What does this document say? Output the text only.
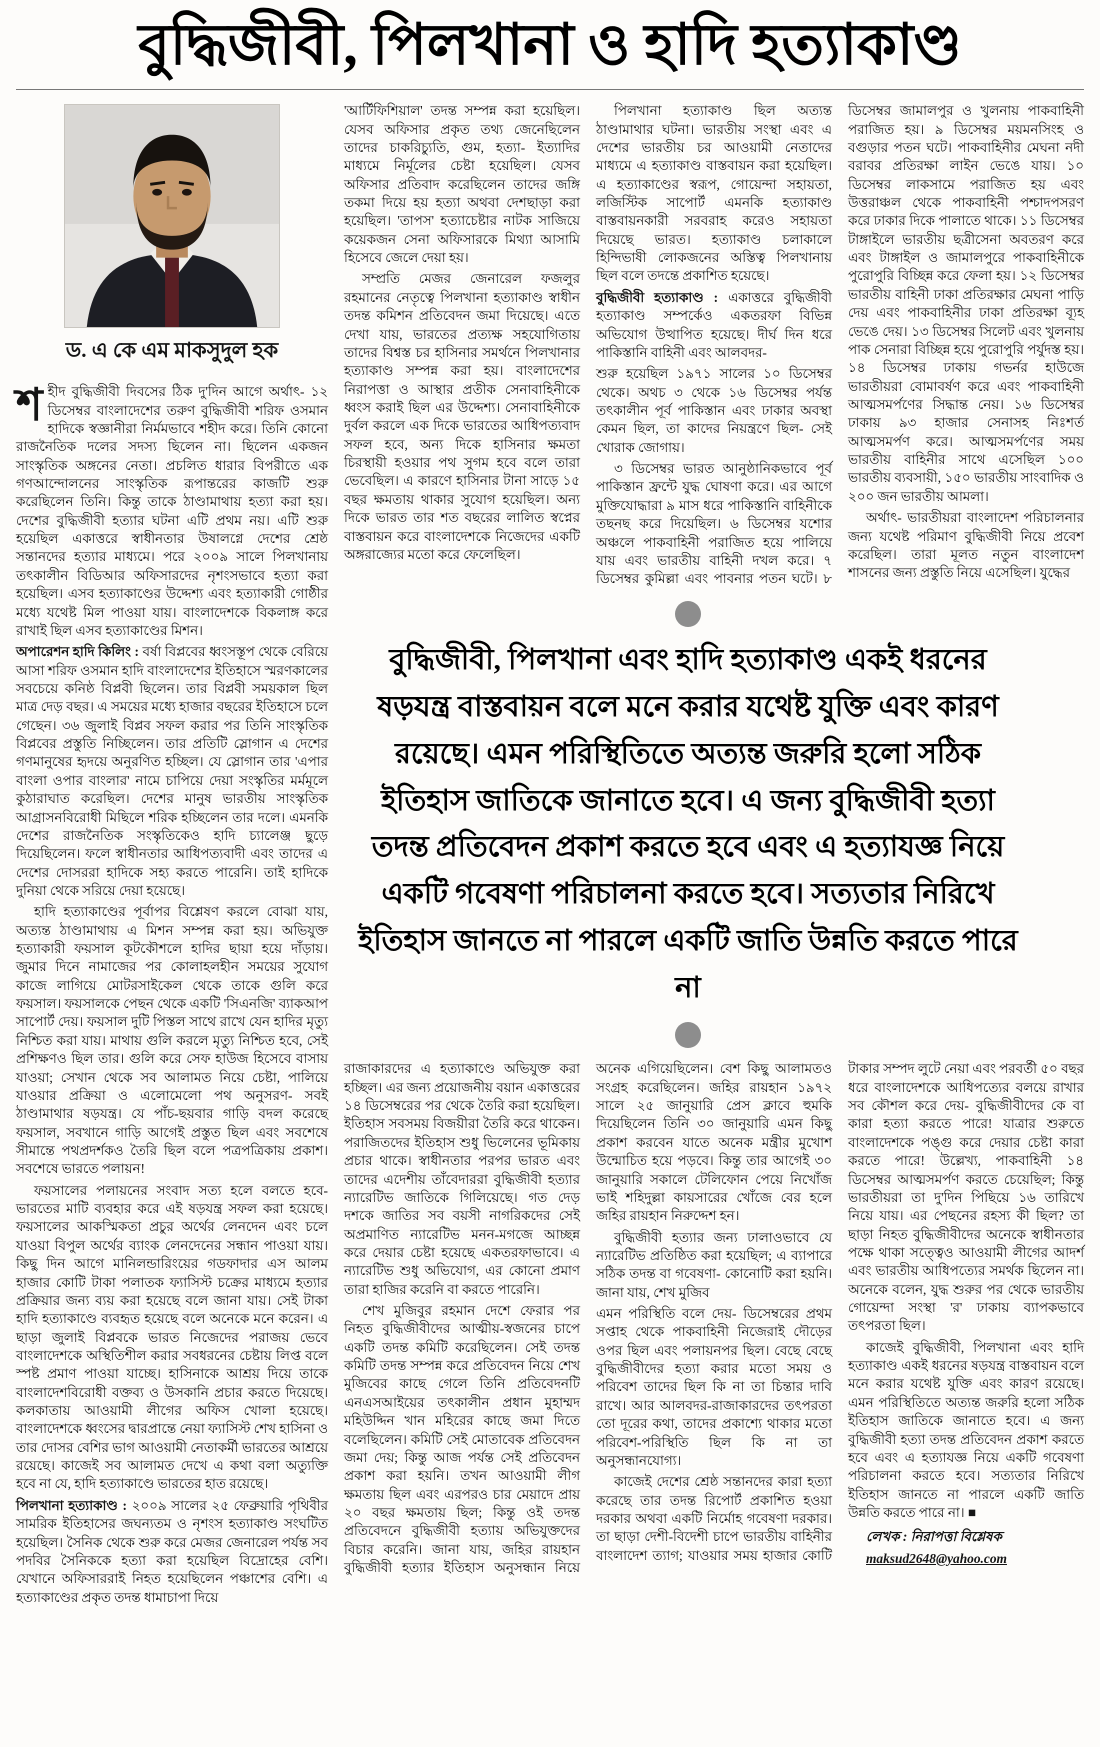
বুদ্ধিজীবী, পিলখানা ও হাদি হত্যাকাণ্ড
ড. এ কে এম মাকসুদুল হক

শহীদ বুদ্ধিজীবী দিবসের ঠিক দু'দিন আগে অর্থাৎ- ১২ ডিসেম্বর বাংলাদেশের তরুণ বুদ্ধিজীবী শরিফ ওসমান হাদিকে স্বজ্ঞানীরা নির্মমভাবে শহীদ করে। তিনি কোনো রাজনৈতিক দলের সদস্য ছিলেন না। ছিলেন একজন সাংস্কৃতিক অঙ্গনের নেতা। প্রচলিত ধারার বিপরীতে এক গণআন্দোলনের সাংস্কৃতিক রূপান্তরের কাজটি শুরু করেছিলেন তিনি। কিন্তু তাকে ঠাণ্ডামাথায় হত্যা করা হয়। দেশের বুদ্ধিজীবী হত্যার ঘটনা এটি প্রথম নয়। এটি শুরু হয়েছিল একাত্তরে স্বাধীনতার উষালগ্নে দেশের শ্রেষ্ঠ সন্তানদের হত্যার মাধ্যমে। পরে ২০০৯ সালে পিলখানায় তৎকালীন বিডিআর অফিসারদের নৃশংসভাবে হত্যা করা হয়েছিল। এসব হত্যাকাণ্ডের উদ্দেশ্য এবং হত্যাকারী গোষ্ঠীর মধ্যে যথেষ্ট মিল পাওয়া যায়। বাংলাদেশকে বিকলাঙ্গ করে রাখাই ছিল এসব হত্যাকাণ্ডের মিশন।

অপারেশন হাদি কিলিং : বর্ষা বিপ্লবের ধ্বংসস্তূপ থেকে বেরিয়ে আসা শরিফ ওসমান হাদি বাংলাদেশের ইতিহাসে স্মরণকালের সবচেয়ে কনিষ্ঠ বিপ্লবী ছিলেন। তার বিপ্লবী সময়কাল ছিল মাত্র দেড় বছর। এ সময়ের মধ্যে হাজার বছরের ইতিহাসে চলে গেছেন। ৩৬ জুলাই বিপ্লব সফল করার পর তিনি সাংস্কৃতিক বিপ্লবের প্রস্তুতি নিচ্ছিলেন। তার প্রতিটি স্লোগান এ দেশের গণমানুষের হৃদয়ে অনুরণিত হচ্ছিল। যে স্লোগান তার 'এপার বাংলা ওপার বাংলার' নামে চাপিয়ে দেয়া সংস্কৃতির মর্মমূলে কুঠারাঘাত করেছিল। দেশের মানুষ ভারতীয় সাংস্কৃতিক আগ্রাসনবিরোধী মিছিলে শরিক হচ্ছিলেন তার দলে। এমনকি দেশের রাজনৈতিক সংস্কৃতিকেও হাদি চ্যালেঞ্জ ছুড়ে দিয়েছিলেন। ফলে স্বাধীনতার আধিপত্যবাদী এবং তাদের এ দেশের দোসররা হাদিকে সহ্য করতে পারেনি। তাই হাদিকে দুনিয়া থেকে সরিয়ে দেয়া হয়েছে।

হাদি হত্যাকাণ্ডের পূর্বাপর বিশ্লেষণ করলে বোঝা যায়, অত্যন্ত ঠাণ্ডামাথায় এ মিশন সম্পন্ন করা হয়। অভিযুক্ত হত্যাকারী ফয়সাল কূটকৌশলে হাদির ছায়া হয়ে দাঁড়ায়। জুমার দিনে নামাজের পর কোলাহলহীন সময়ের সুযোগ কাজে লাগিয়ে মোটরসাইকেল থেকে তাকে গুলি করে ফয়সাল। ফয়সালকে পেছন থেকে একটি 'সিএনজি' ব্যাকআপ সাপোর্ট দেয়। ফয়সাল দুটি পিস্তল সাথে রাখে যেন হাদির মৃত্যু নিশ্চিত করা যায়। মাথায় গুলি করলে মৃত্যু নিশ্চিত হবে, সেই প্রশিক্ষণও ছিল তার। গুলি করে সেফ হাউজ হিসেবে বাসায় যাওয়া; সেখান থেকে সব আলামত নিয়ে চেষ্টা, পালিয়ে যাওয়ার প্রক্রিয়া ও এলোমেলো পথ অনুসরণ- সবই ঠাণ্ডামাথার ষড়যন্ত্র। যে পাঁচ-ছয়বার গাড়ি বদল করেছে ফয়সাল, সবখানে গাড়ি আগেই প্রস্তুত ছিল এবং সবশেষে সীমান্তে পথপ্রদর্শকও তৈরি ছিল বলে পত্রপত্রিকায় প্রকাশ। সবশেষে ভারতে পলায়ন!

ফয়সালের পলায়নের সংবাদ সত্য হলে বলতে হবে- ভারতের মাটি ব্যবহার করে এই ষড়যন্ত্র সফল করা হয়েছে। ফয়সালের আকস্মিকতা প্রচুর অর্থের লেনদেন এবং চলে যাওয়া বিপুল অর্থের ব্যাংক লেনদেনের সন্ধান পাওয়া যায়। কিছু দিন আগে মানিলন্ডারিংয়ের গডফাদার এস আলম হাজার কোটি টাকা পলাতক ফ্যাসিস্ট চক্রের মাধ্যমে হত্যার প্রক্রিয়ার জন্য ব্যয় করা হয়েছে বলে জানা যায়। সেই টাকা হাদি হত্যাকাণ্ডে ব্যবহৃত হয়েছে বলে অনেকে মনে করেন। এ ছাড়া জুলাই বিপ্লবকে ভারত নিজেদের পরাজয় ভেবে বাংলাদেশকে অস্থিতিশীল করার সবধরনের চেষ্টায় লিপ্ত বলে স্পষ্ট প্রমাণ পাওয়া যাচ্ছে। হাসিনাকে আশ্রয় দিয়ে তাকে বাংলাদেশবিরোধী বক্তব্য ও উসকানি প্রচার করতে দিয়েছে। কলকাতায় আওয়ামী লীগের অফিস খোলা হয়েছে। বাংলাদেশকে ধ্বংসের দ্বারপ্রান্তে নেয়া ফ্যাসিস্ট শেখ হাসিনা ও তার দোসর বেশির ভাগ আওয়ামী নেতাকর্মী ভারতের আশ্রয়ে রয়েছে। কাজেই সব আলামত দেখে এ কথা বলা অত্যুক্তি হবে না যে, হাদি হত্যাকাণ্ডে ভারতের হাত রয়েছে।

পিলখানা হত্যাকাণ্ড : ২০০৯ সালের ২৫ ফেব্রুয়ারি পৃথিবীর সামরিক ইতিহাসের জঘন্যতম ও নৃশংস হত্যাকাণ্ড সংঘটিত হয়েছিল। সৈনিক থেকে শুরু করে মেজর জেনারেল পর্যন্ত সব পদবির সৈনিককে হত্যা করা হয়েছিল বিদ্রোহের বেশি। যেখানে অফিসাররাই নিহত হয়েছিলেন পঞ্চাশের বেশি। এ হত্যাকাণ্ডের প্রকৃত তদন্ত ধামাচাপা দিয়ে

'আর্টিফিশিয়াল' তদন্ত সম্পন্ন করা হয়েছিল। যেসব অফিসার প্রকৃত তথ্য জেনেছিলেন তাদের চাকরিচ্যুতি, গুম, হত্যা- ইত্যাদির মাধ্যমে নির্মূলের চেষ্টা হয়েছিল। যেসব অফিসার প্রতিবাদ করেছিলেন তাদের জঙ্গি তকমা দিয়ে হয় হত্যা অথবা দেশছাড়া করা হয়েছিল। 'তাপস' হত্যাচেষ্টার নাটক সাজিয়ে কয়েকজন সেনা অফিসারকে মিথ্যা আসামি হিসেবে জেলে দেয়া হয়।

সম্প্রতি মেজর জেনারেল ফজলুর রহমানের নেতৃত্বে পিলখানা হত্যাকাণ্ড স্বাধীন তদন্ত কমিশন প্রতিবেদন জমা দিয়েছে। এতে দেখা যায়, ভারতের প্রত্যক্ষ সহযোগিতায় তাদের বিশ্বস্ত চর হাসিনার সমর্থনে পিলখানার হত্যাকাণ্ড সম্পন্ন করা হয়। বাংলাদেশের নিরাপত্তা ও আস্থার প্রতীক সেনাবাহিনীকে ধ্বংস করাই ছিল এর উদ্দেশ্য। সেনাবাহিনীকে দুর্বল করলে এক দিকে ভারতের আধিপত্যবাদ সফল হবে, অন্য দিকে হাসিনার ক্ষমতা চিরস্থায়ী হওয়ার পথ সুগম হবে বলে তারা ভেবেছিল। এ কারণে হাসিনার টানা সাড়ে ১৫ বছর ক্ষমতায় থাকার সুযোগ হয়েছিল। অন্য দিকে ভারত তার শত বছরের লালিত স্বপ্নের বাস্তবায়ন করে বাংলাদেশকে নিজেদের একটি অঙ্গরাজ্যের মতো করে ফেলেছিল।

পিলখানা হত্যাকাণ্ড ছিল অত্যন্ত ঠাণ্ডামাথার ঘটনা। ভারতীয় সংস্থা এবং এ দেশের ভারতীয় চর আওয়ামী নেতাদের মাধ্যমে এ হত্যাকাণ্ড বাস্তবায়ন করা হয়েছিল। এ হত্যাকাণ্ডের স্বরূপ, গোয়েন্দা সহায়তা, লজিস্টিক সাপোর্ট এমনকি হত্যাকাণ্ড বাস্তবায়নকারী সরবরাহ করেও সহায়তা দিয়েছে ভারত। হত্যাকাণ্ড চলাকালে হিন্দিভাষী লোকজনের অস্তিত্ব পিলখানায় ছিল বলে তদন্তে প্রকাশিত হয়েছে।

বুদ্ধিজীবী হত্যাকাণ্ড : একাত্তরে বুদ্ধিজীবী হত্যাকাণ্ড সম্পর্কেও একতরফা বিভিন্ন অভিযোগ উত্থাপিত হয়েছে। দীর্ঘ দিন ধরে পাকিস্তানি বাহিনী এবং আলবদর-

শুরু হয়েছিল ১৯৭১ সালের ১০ ডিসেম্বর থেকে। অথচ ৩ থেকে ১৬ ডিসেম্বর পর্যন্ত তৎকালীন পূর্ব পাকিস্তান এবং ঢাকার অবস্থা কেমন ছিল, তা কাদের নিয়ন্ত্রণে ছিল- সেই খোরাক জোগায়।

৩ ডিসেম্বর ভারত আনুষ্ঠানিকভাবে পূর্ব পাকিস্তান ফ্রন্টে যুদ্ধ ঘোষণা করে। এর আগে মুক্তিযোদ্ধারা ৯ মাস ধরে পাকিস্তানি বাহিনীকে তছনছ করে দিয়েছিল। ৬ ডিসেম্বর যশোর অঞ্চলে পাকবাহিনী পরাজিত হয়ে পালিয়ে যায় এবং ভারতীয় বাহিনী দখল করে। ৭ ডিসেম্বর কুমিল্লা এবং পাবনার পতন ঘটে। ৮ ডিসেম্বর জামালপুর ও খুলনায় পাকবাহিনী পরাজিত হয়। ৯ ডিসেম্বর ময়মনসিংহ ও বগুড়ার পতন ঘটে। পাকবাহিনীর মেঘনা নদী বরাবর প্রতিরক্ষা লাইন ভেঙে যায়। ১০ ডিসেম্বর লাকসামে পরাজিত হয় এবং উত্তরাঞ্চল থেকে পাকবাহিনী পশ্চাদপসরণ করে ঢাকার দিকে পালাতে থাকে। ১১ ডিসেম্বর টাঙ্গাইলে ভারতীয় ছত্রীসেনা অবতরণ করে এবং টাঙ্গাইল ও জামালপুরে পাকবাহিনীকে পুরোপুরি বিচ্ছিন্ন করে ফেলা হয়। ১২ ডিসেম্বর ভারতীয় বাহিনী ঢাকা প্রতিরক্ষার মেঘনা পাড়ি দেয় এবং পাকবাহিনীর ঢাকা প্রতিরক্ষা ব্যূহ ভেঙে দেয়। ১৩ ডিসেম্বর সিলেট এবং খুলনায় পাক সেনারা বিচ্ছিন্ন হয়ে পুরোপুরি পর্যুদস্ত হয়। ১৪ ডিসেম্বর ঢাকায় গভর্নর হাউজে ভারতীয়রা বোমাবর্ষণ করে এবং পাকবাহিনী আত্মসমর্পণের সিদ্ধান্ত নেয়। ১৬ ডিসেম্বর ঢাকায় ৯৩ হাজার সেনাসহ নিঃশর্ত আত্মসমর্পণ করে। আত্মসমর্পণের সময় ভারতীয় বাহিনীর সাথে এসেছিল ১০০ ভারতীয় ব্যবসায়ী, ১৫০ ভারতীয় সাংবাদিক ও ২০০ জন ভারতীয় আমলা।

অর্থাৎ- ভারতীয়রা বাংলাদেশ পরিচালনার জন্য যথেষ্ট পরিমাণ বুদ্ধিজীবী নিয়ে প্রবেশ করেছিল। তারা মূলত নতুন বাংলাদেশ শাসনের জন্য প্রস্তুতি নিয়ে এসেছিল। যুদ্ধের

বুদ্ধিজীবী, পিলখানা এবং হাদি হত্যাকাণ্ড একই ধরনের ষড়যন্ত্র বাস্তবায়ন বলে মনে করার যথেষ্ট যুক্তি এবং কারণ রয়েছে। এমন পরিস্থিতিতে অত্যন্ত জরুরি হলো সঠিক ইতিহাস জাতিকে জানাতে হবে। এ জন্য বুদ্ধিজীবী হত্যা তদন্ত প্রতিবেদন প্রকাশ করতে হবে এবং এ হত্যাযজ্ঞ নিয়ে একটি গবেষণা পরিচালনা করতে হবে। সত্যতার নিরিখে ইতিহাস জানতে না পারলে একটি জাতি উন্নতি করতে পারে না

রাজাকারদের এ হত্যাকাণ্ডে অভিযুক্ত করা হচ্ছিল। এর জন্য প্রয়োজনীয় বয়ান একাত্তরের ১৪ ডিসেম্বরের পর থেকে তৈরি করা হয়েছিল। ইতিহাস সবসময় বিজয়ীরা তৈরি করে থাকেন। পরাজিতদের ইতিহাস শুধু ভিলেনের ভূমিকায় প্রচার থাকে। স্বাধীনতার পরপর ভারত এবং তাদের এদেশীয় তাঁবেদাররা বুদ্ধিজীবী হত্যার ন্যারেটিভ জাতিকে গিলিয়েছে। গত দেড় দশকে জাতির সব বয়সী নাগরিকদের সেই অপ্রমাণিত ন্যারেটিভ মনন-মগজে আচ্ছন্ন করে দেয়ার চেষ্টা হয়েছে একতরফাভাবে। এ ন্যারেটিভ শুধু অভিযোগ, এর কোনো প্রমাণ তারা হাজির করেনি বা করতে পারেনি।

শেখ মুজিবুর রহমান দেশে ফেরার পর নিহত বুদ্ধিজীবীদের আত্মীয়-স্বজনের চাপে একটি তদন্ত কমিটি করেছিলেন। সেই তদন্ত কমিটি তদন্ত সম্পন্ন করে প্রতিবেদন নিয়ে শেখ মুজিবের কাছে গেলে তিনি প্রতিবেদনটি এনএসআইয়ের তৎকালীন প্রধান মুহাম্মদ মহিউদ্দিন খান মহিরের কাছে জমা দিতে বলেছিলেন। কমিটি সেই মোতাবেক প্রতিবেদন জমা দেয়; কিন্তু আজ পর্যন্ত সেই প্রতিবেদন প্রকাশ করা হয়নি। তখন আওয়ামী লীগ ক্ষমতায় ছিল এবং এরপরও চার মেয়াদে প্রায় ২০ বছর ক্ষমতায় ছিল; কিন্তু ওই তদন্ত প্রতিবেদনে বুদ্ধিজীবী হত্যায় অভিযুক্তদের বিচার করেনি। জানা যায়, জহির রায়হান বুদ্ধিজীবী হত্যার ইতিহাস অনুসন্ধান নিয়ে অনেক এগিয়েছিলেন। বেশ কিছু আলামতও সংগ্রহ করেছিলেন। জহির রায়হান ১৯৭২ সালে ২৫ জানুয়ারি প্রেস ক্লাবে হুমকি দিয়েছিলেন তিনি ৩০ জানুয়ারি এমন কিছু প্রকাশ করবেন যাতে অনেক মন্ত্রীর মুখোশ উন্মোচিত হয়ে পড়বে। কিন্তু তার আগেই ৩০ জানুয়ারি সকালে টেলিফোন পেয়ে নিখোঁজ ভাই শহিদুল্লা কায়সারের খোঁজে বের হলে জহির রায়হান নিরুদ্দেশ হন।

বুদ্ধিজীবী হত্যার জন্য ঢালাওভাবে যে ন্যারেটিভ প্রতিষ্ঠিত করা হয়েছিল; এ ব্যাপারে সঠিক তদন্ত বা গবেষণা- কোনোটি করা হয়নি। জানা যায়, শেখ মুজিব

এমন পরিস্থিতি বলে দেয়- ডিসেম্বরের প্রথম সপ্তাহ থেকে পাকবাহিনী নিজেরাই দৌড়ের ওপর ছিল এবং পলায়নপর ছিল। বেছে বেছে বুদ্ধিজীবীদের হত্যা করার মতো সময় ও পরিবেশ তাদের ছিল কি না তা চিন্তার দাবি রাখে। আর আলবদর-রাজাকারদের তৎপরতা তো দূরের কথা, তাদের প্রকাশ্যে থাকার মতো পরিবেশ-পরিস্থিতি ছিল কি না তা অনুসন্ধানযোগ্য।

কাজেই দেশের শ্রেষ্ঠ সন্তানদের কারা হত্যা করেছে তার তদন্ত রিপোর্ট প্রকাশিত হওয়া দরকার অথবা একটি নির্মোহ গবেষণা দরকার। তা ছাড়া দেশী-বিদেশী চাপে ভারতীয় বাহিনীর বাংলাদেশ ত্যাগ; যাওয়ার সময় হাজার কোটি টাকার সম্পদ লুটে নেয়া এবং পরবর্তী ৫০ বছর ধরে বাংলাদেশকে আধিপত্যের বলয়ে রাখার সব কৌশল করে দেয়- বুদ্ধিজীবীদের কে বা কারা হত্যা করতে পারে! যাত্রার শুরুতে বাংলাদেশকে পঙ্গু করে দেয়ার চেষ্টা কারা করতে পারে! উল্লেখ্য, পাকবাহিনী ১৪ ডিসেম্বর আত্মসমর্পণ করতে চেয়েছিল; কিন্তু ভারতীয়রা তা দু'দিন পিছিয়ে ১৬ তারিখে নিয়ে যায়। এর পেছনের রহস্য কী ছিল? তা ছাড়া নিহত বুদ্ধিজীবীদের অনেকে স্বাধীনতার পক্ষে থাকা সত্ত্বেও আওয়ামী লীগের আদর্শ এবং ভারতীয় আধিপত্যের সমর্থক ছিলেন না। অনেকে বলেন, যুদ্ধ শুরুর পর থেকে ভারতীয় গোয়েন্দা সংস্থা 'র' ঢাকায় ব্যাপকভাবে তৎপরতা ছিল।

কাজেই বুদ্ধিজীবী, পিলখানা এবং হাদি হত্যাকাণ্ড একই ধরনের ষড়যন্ত্র বাস্তবায়ন বলে মনে করার যথেষ্ট যুক্তি এবং কারণ রয়েছে। এমন পরিস্থিতিতে অত্যন্ত জরুরি হলো সঠিক ইতিহাস জাতিকে জানাতে হবে। এ জন্য বুদ্ধিজীবী হত্যা তদন্ত প্রতিবেদন প্রকাশ করতে হবে এবং এ হত্যাযজ্ঞ নিয়ে একটি গবেষণা পরিচালনা করতে হবে। সত্যতার নিরিখে ইতিহাস জানতে না পারলে একটি জাতি উন্নতি করতে পারে না। ■

লেখক : নিরাপত্তা বিশ্লেষক

maksud2648@yahoo.com
